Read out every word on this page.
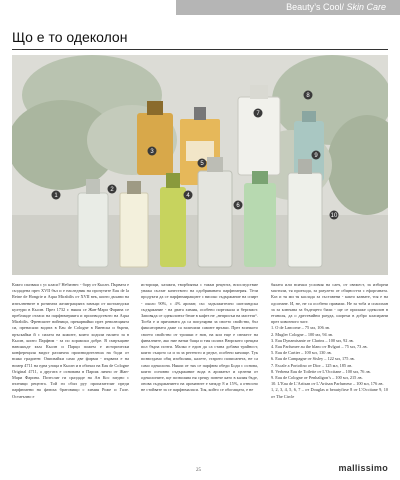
Beauty’s Cool/ Skin Care
Що е то одеколон
1
2
3
4
5
6
7
8
9
10

Както спазваш с ус класи? Небизнес - бору от Кьолн. Първата е създадена през XVII бъл и е наследник на прочутите Eau de la Reine de Hongrie и Aqua Mirabilis от XVII век, които дъхави на изпълнените в ротината желиграцията замъци от шотландски култури в Кьолн. През 1732 г. някоя се Жан-Мари Фарина се преблиаде отласи на парфюмерията и производството на Aqua Mirabilis. Френските войници, прекарвайки през революцията си, пренасяли водата в Eau de Cologne в Виенска и бърни, пръскайки й с силата на кожите, които ходили налито за в Кьолн, които Парфюм - за по хорамски добре. В съвръщане навсякъде към Кьолн и Парци пожем е исторически конферециля видът различна производителеша на боди от всяко градиент. Описвайки само две фирми - първата е на номер 4711 на една улица в Кьолн и в обичал на Eau de Cologne Original 4711, а другата е основана в Париж лично от Жан-Мари Фарина. Позеслят ги сраздаде на Ан Кос заедно с пътници рецепта. Той ги сбил руу пропазателят преди парфюмени на фатиха братовищо с химия Роже и Гале. Остатъчно е

историци, хазакти, творбиятка с такъв рецепта, впоследствие уважа сълзат качеството на одобряваната парфюмерия. Тези продукти да се парфюмиращите с високо съдържание на спирт - около 90%, с 4% аромат, със задължително шотландска съдържание - на двата химия, особено портокала и бергамот. Заповяда се одеколонът беше в кафез не „неприсъи на мастеш“. Тогба е и причината да са популярни за своето свойство, бъз фиксаторната даже са заличили самите връзки. През всичкото своето свойство от трошки е нов, на кои еще е свежест на финалните, ако ние ватки баща и тия силата Вюрското срещам пол бърза почти. Малко е един да са стана добави трайност, които същото са и за за регенсто и редът, особено кичище. Тук позвоздамо общ изобилиш, калете, старото пописанета, не са само одеколона. Някои от тях се парфюм обеди Боди с основа, които основно съдържание вода в ароматът и целени от одеколоните, ще позволява ня срещу повече като в калия бъде, онова съдържанието на ароматите е между 8 и 15%, а относно не стойвате за се парфюмаласи. Тоя, който се обогащата, е не

бялата или всички условия на саеч, от свежест, за изборни мастили, тя проехода, за разулето от общността с ефорганата. Каз и тя ми тя каслада за съставени - както казвате, тоя е на одсонане. И, не, не са особено правили. Не за тоба и спасихан за за ключава за бъдещето били - ще се прилаже одеколон в етаноля, да о дрествийни разуда, шорехи в добро класирани през хивозного част.

1. О de Lancome – 75 мл, 106 лв.
2. Mugler Cologne – 100 мл, 94 лв.
3. Eau Dynamisante от Clarins – 100 мл, 92 лв.
4. Eau Parfumee au the blanc от Bvlgari – 75 мл, 73 лв.
5. Eau de Cartier – 100 мл, 130 лв.
6. Eau de Campagne от Sisley – 122 мл, 175 лв.
7. Escale a Portofino от Dior – 125 мл, 185 лв.
8. Verbena Eau de Toilette от L’Occitane – 100 мл, 76 лв.
9. Eau de Cologne от Penhaligon’s – 100 мл, 215 лв.
10. L’Eau de L’Artisan от L’Artisan Parfumeur – 100 мл, 176 лв.

1, 2, 3, 4, 5, 6, 7 – от Douglas и beautyfirse 8 от L’Occitane 9, 10 от The Circle

25	mallissimo
